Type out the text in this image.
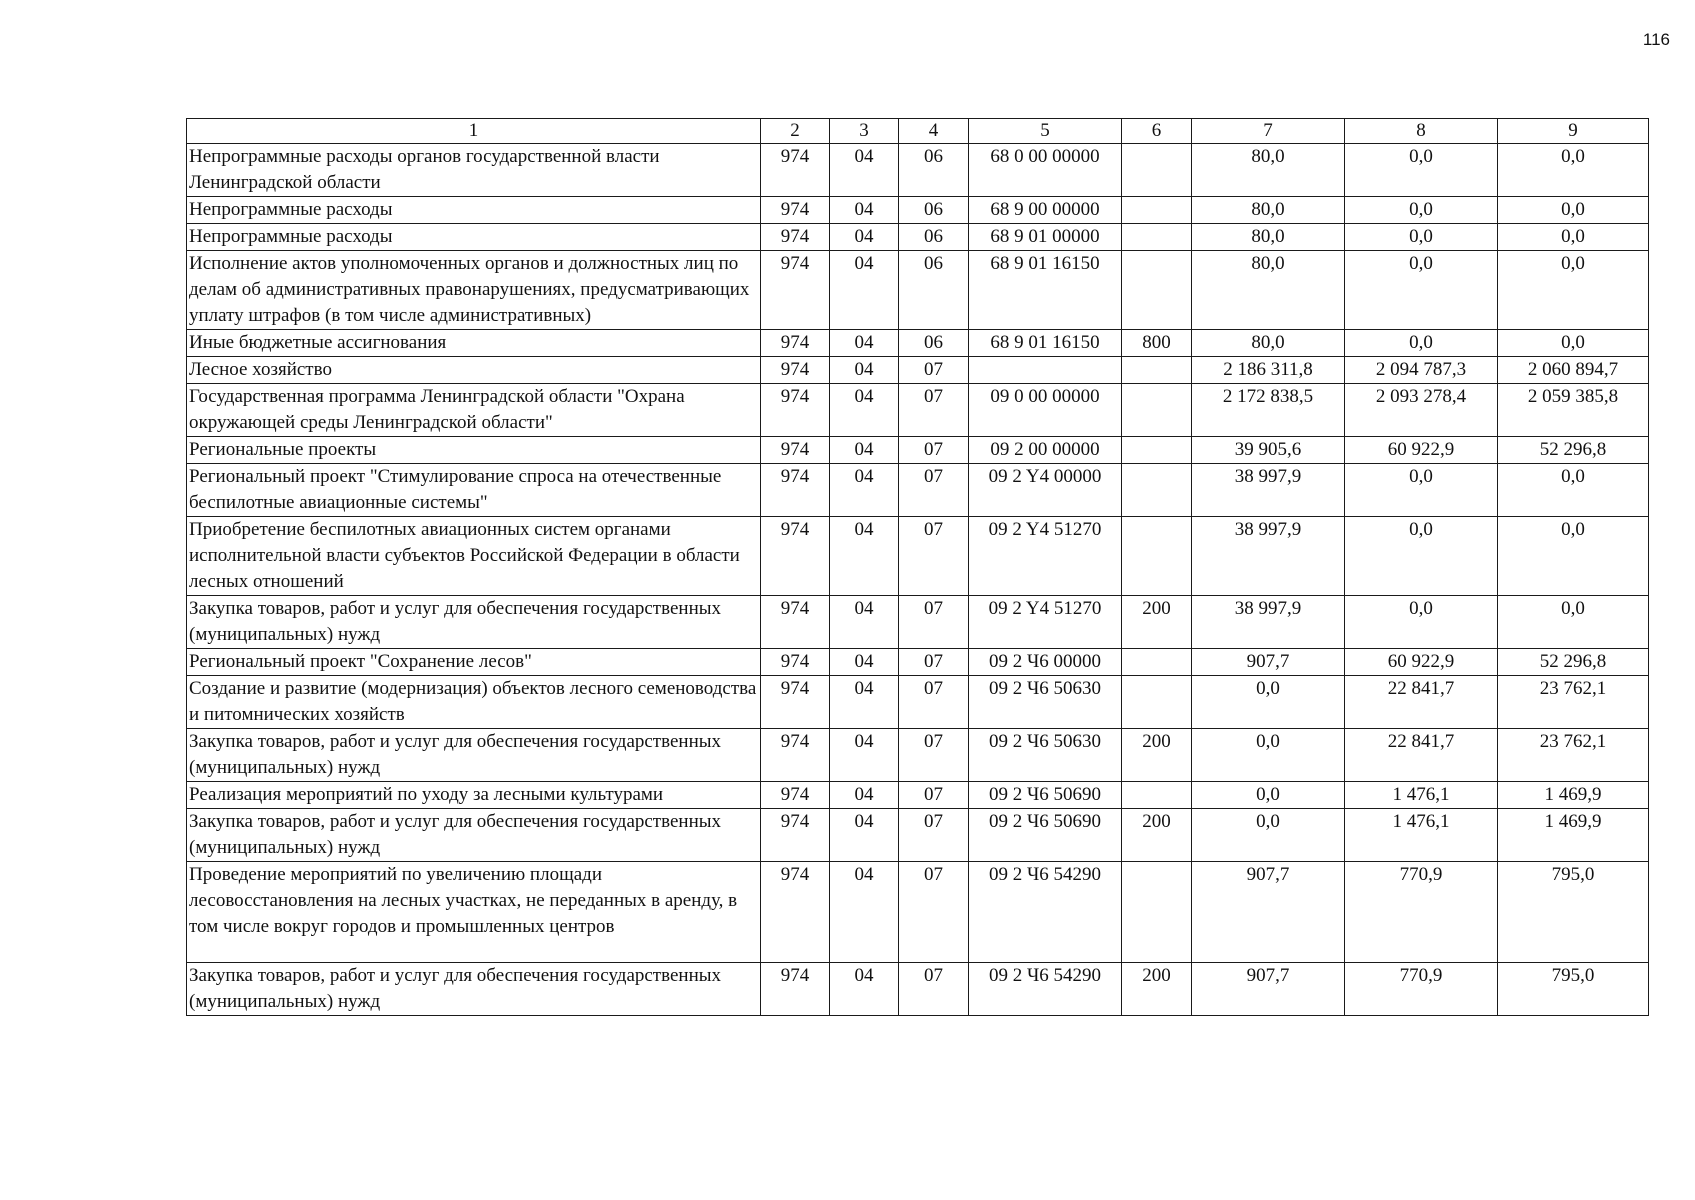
116
1	2	3	4	5	6	7	8	9
Непрограммные расходы органов государственной власти Ленинградской области	974	04	06	68 0 00 00000		80,0	0,0	0,0
Непрограммные расходы	974	04	06	68 9 00 00000		80,0	0,0	0,0
Непрограммные расходы	974	04	06	68 9 01 00000		80,0	0,0	0,0
Исполнение актов уполномоченных органов и должностных лиц по делам об административных правонарушениях, предусматривающих уплату штрафов (в том числе административных)	974	04	06	68 9 01 16150		80,0	0,0	0,0
Иные бюджетные ассигнования	974	04	06	68 9 01 16150	800	80,0	0,0	0,0
Лесное хозяйство	974	04	07			2 186 311,8	2 094 787,3	2 060 894,7
Государственная программа Ленинградской области "Охрана окружающей среды Ленинградской области"	974	04	07	09 0 00 00000		2 172 838,5	2 093 278,4	2 059 385,8
Региональные проекты	974	04	07	09 2 00 00000		39 905,6	60 922,9	52 296,8
Региональный проект "Стимулирование спроса на отечественные беспилотные авиационные системы"	974	04	07	09 2 Y4 00000		38 997,9	0,0	0,0
Приобретение беспилотных авиационных систем органами исполнительной власти субъектов Российской Федерации в области лесных отношений	974	04	07	09 2 Y4 51270		38 997,9	0,0	0,0
Закупка товаров, работ и услуг для обеспечения государственных (муниципальных) нужд	974	04	07	09 2 Y4 51270	200	38 997,9	0,0	0,0
Региональный проект "Сохранение лесов"	974	04	07	09 2 Ч6 00000		907,7	60 922,9	52 296,8
Создание и развитие (модернизация) объектов лесного семеноводства и питомнических хозяйств	974	04	07	09 2 Ч6 50630		0,0	22 841,7	23 762,1
Закупка товаров, работ и услуг для обеспечения государственных (муниципальных) нужд	974	04	07	09 2 Ч6 50630	200	0,0	22 841,7	23 762,1
Реализация мероприятий по уходу за лесными культурами	974	04	07	09 2 Ч6 50690		0,0	1 476,1	1 469,9
Закупка товаров, работ и услуг для обеспечения государственных (муниципальных) нужд	974	04	07	09 2 Ч6 50690	200	0,0	1 476,1	1 469,9
Проведение мероприятий по увеличению площади лесовосстановления на лесных участках, не переданных в аренду, в том числе вокруг городов и промышленных центров	974	04	07	09 2 Ч6 54290		907,7	770,9	795,0
Закупка товаров, работ и услуг для обеспечения государственных (муниципальных) нужд	974	04	07	09 2 Ч6 54290	200	907,7	770,9	795,0
